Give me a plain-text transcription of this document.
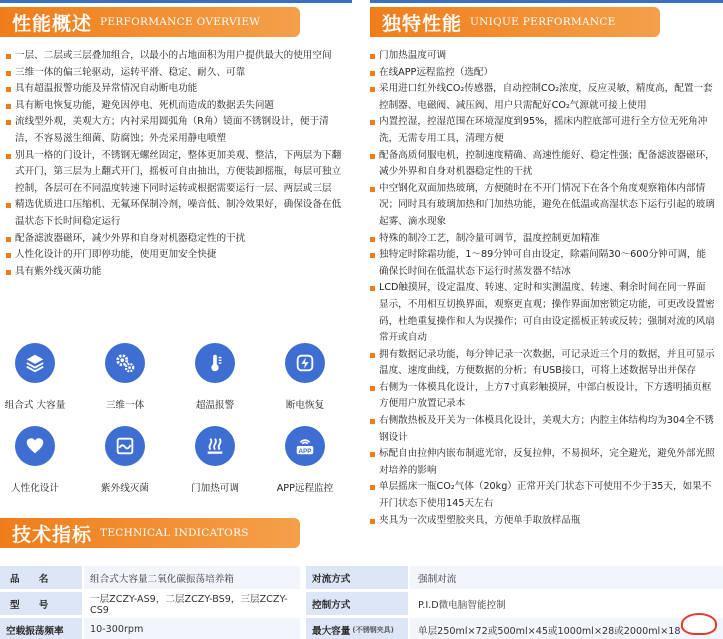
性能概述 PERFORMANCE OVERVIEW	独特性能 UNIQUE PERFORMANCE
一层、二层或三层叠加组合，以最小的占地面积为用户提供最大的使用空间
三维一体的偏三轮驱动，运转平滑、稳定、耐久、可靠
具有超温报警功能及异常情况自动断电功能
具有断电恢复功能，避免因停电、死机而造成的数据丢失问题
流线型外观，美观大方；内衬采用圆弧角（R角）镜面不锈钢设计，便于清洁，不容易滋生细菌、防腐蚀；外壳采用静电喷塑
别具一格的门设计，不锈钢无螺丝固定，整体更加美观、整洁，下两层为下翻式开门，第三层为上翻式开门，摇板可自由抽出，方便装卸摇瓶，每层可独立控制，各层可在不同温度转速下同时运转或根据需要运行一层、两层或三层
精选优质进口压缩机、无氟环保制冷剂，噪音低、制冷效果好，确保设备在低温状态下长时间稳定运行
配备滤波器磁环，减少外界和自身对机器稳定性的干扰
人性化设计的开门即停功能，使用更加安全快捷
具有紫外线灭菌功能
组合式 大容量	三维一体	超温报警	断电恢复
人性化设计	紫外线灭菌	门加热可调
APP
APP远程监控
门加热温度可调
在线APP远程监控（选配）
采用进口红外线CO₂传感器，自动控制CO₂浓度，反应灵敏，精度高，配置一套控制器、电磁阀、减压阀、用户只需配好CO₂气源就可接上使用
内置控湿，控湿范围在环境湿度到95%，摇床内腔底部可进行全方位无死角冲洗，无需专用工具，清理方便
配备高质伺服电机，控制速度精确、高速性能好、稳定性强；配备滤波器磁环，减少外界和自身对机器稳定性的干扰
中空钢化双面加热玻璃，方便随时在不开门情况下在各个角度观察箱体内部情况；同时具有玻璃加热和门加热功能，避免在低温或高湿状态下运行引起的玻璃起雾、滴水现象
特殊的制冷工艺，制冷量可调节，温度控制更加精准
独特定时除霜功能，1～89分钟可自由设定，除霜间隔30～600分钟可调，能确保长时间在低温状态下运行时蒸发器不结冰
LCD触摸屏，设定温度、转速、定时和实测温度、转速、剩余时间在同一界面显示，不用相互切换界面，观察更直观；操作界面加密锁定功能，可更改设置密码，杜绝重复操作和人为误操作；可自由设定摇板正转或反转；强制对流的风扇常开或自动
拥有数据记录功能，每分钟记录一次数据，可记录近三个月的数据，并且可显示温度、速度曲线，方便数据的分析；有USB接口，可将上述数据导出并保存
右侧为一体模具化设计，上方7寸真彩触摸屏，中部白板设计，下方透明插页框方便用户放置记录本
右侧散热板及开关为一体模具化设计，美观大方；内腔主体结构均为304全不锈钢设计
标配自由拉伸内嵌布制遮光帘，反复拉伸，不易损坏，完全避光，避免外部光照对培养的影响
单层摇床一瓶CO₂气体（20kg）正常开关门状态下可使用不少于35天，如果不开门状态下使用145天左右
夹具为一次成型塑胶夹具，方便单手取放样品瓶
技术指标 TECHNICAL INDICATORS
品　　名	组合式大容量二氧化碳振荡培养箱	对流方式	强制对流
型　　号	一层ZCZY-AS9，二层ZCZY-BS9，三层ZCZY-CS9	控制方式	P.I.D微电脑智能控制
空载振荡频率	10-300rpm	最大容量 (不锈钢夹具)	单层250ml×72或500ml×45或1000ml×28或2000ml×18
